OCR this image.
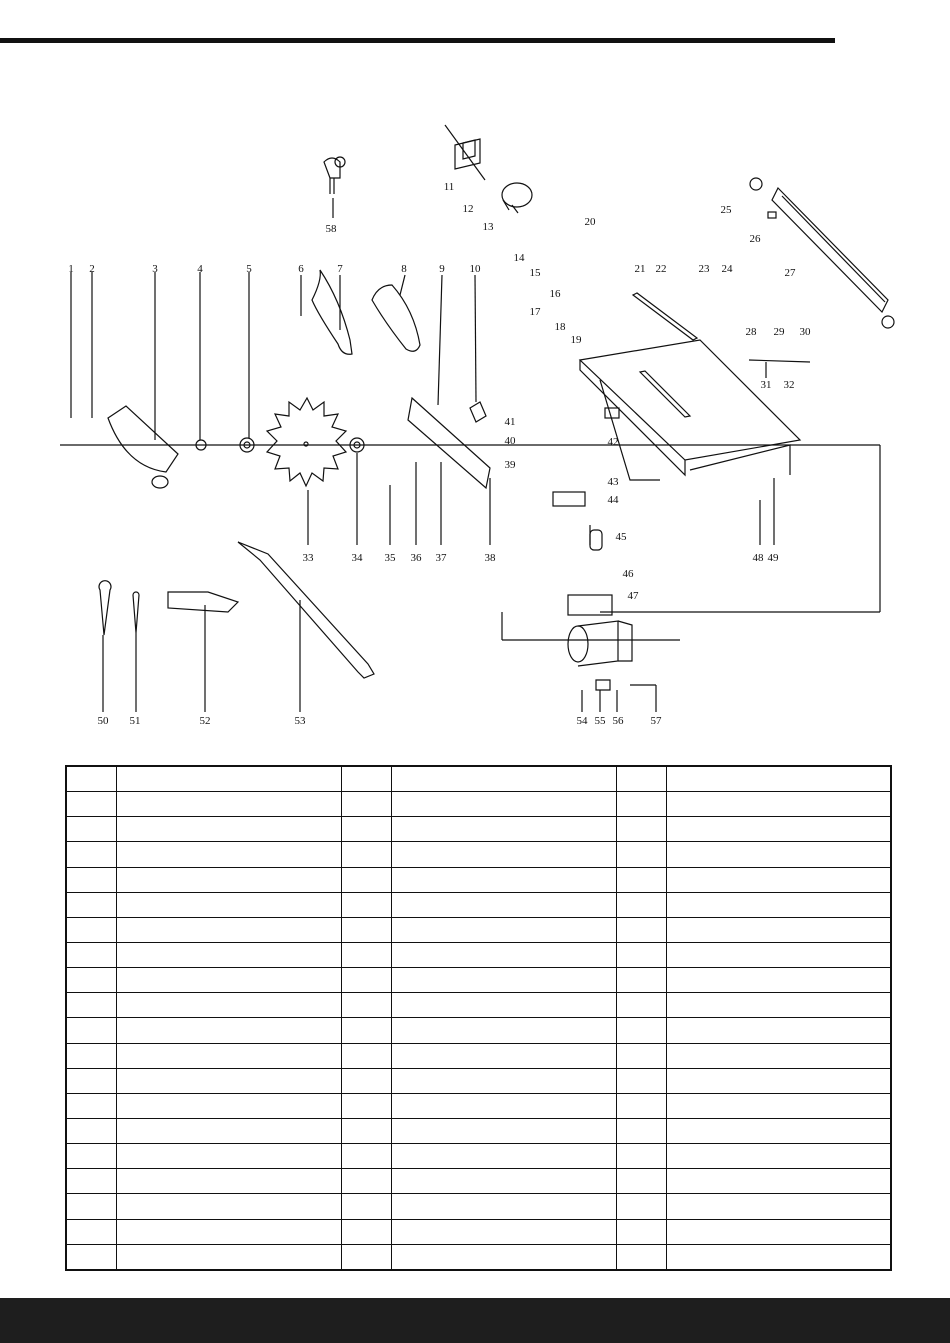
1 2	3	4	5	6	7	8	9 10
11
12
13
14
15
16
17
18
19
20
21 22	23 24
25
26
27
28 29 30
31 32
33	34 35 36 37	38
39
40
41
42
43
44
45
46
47
48 49
50 51	52	53	54 55 56 57
58
